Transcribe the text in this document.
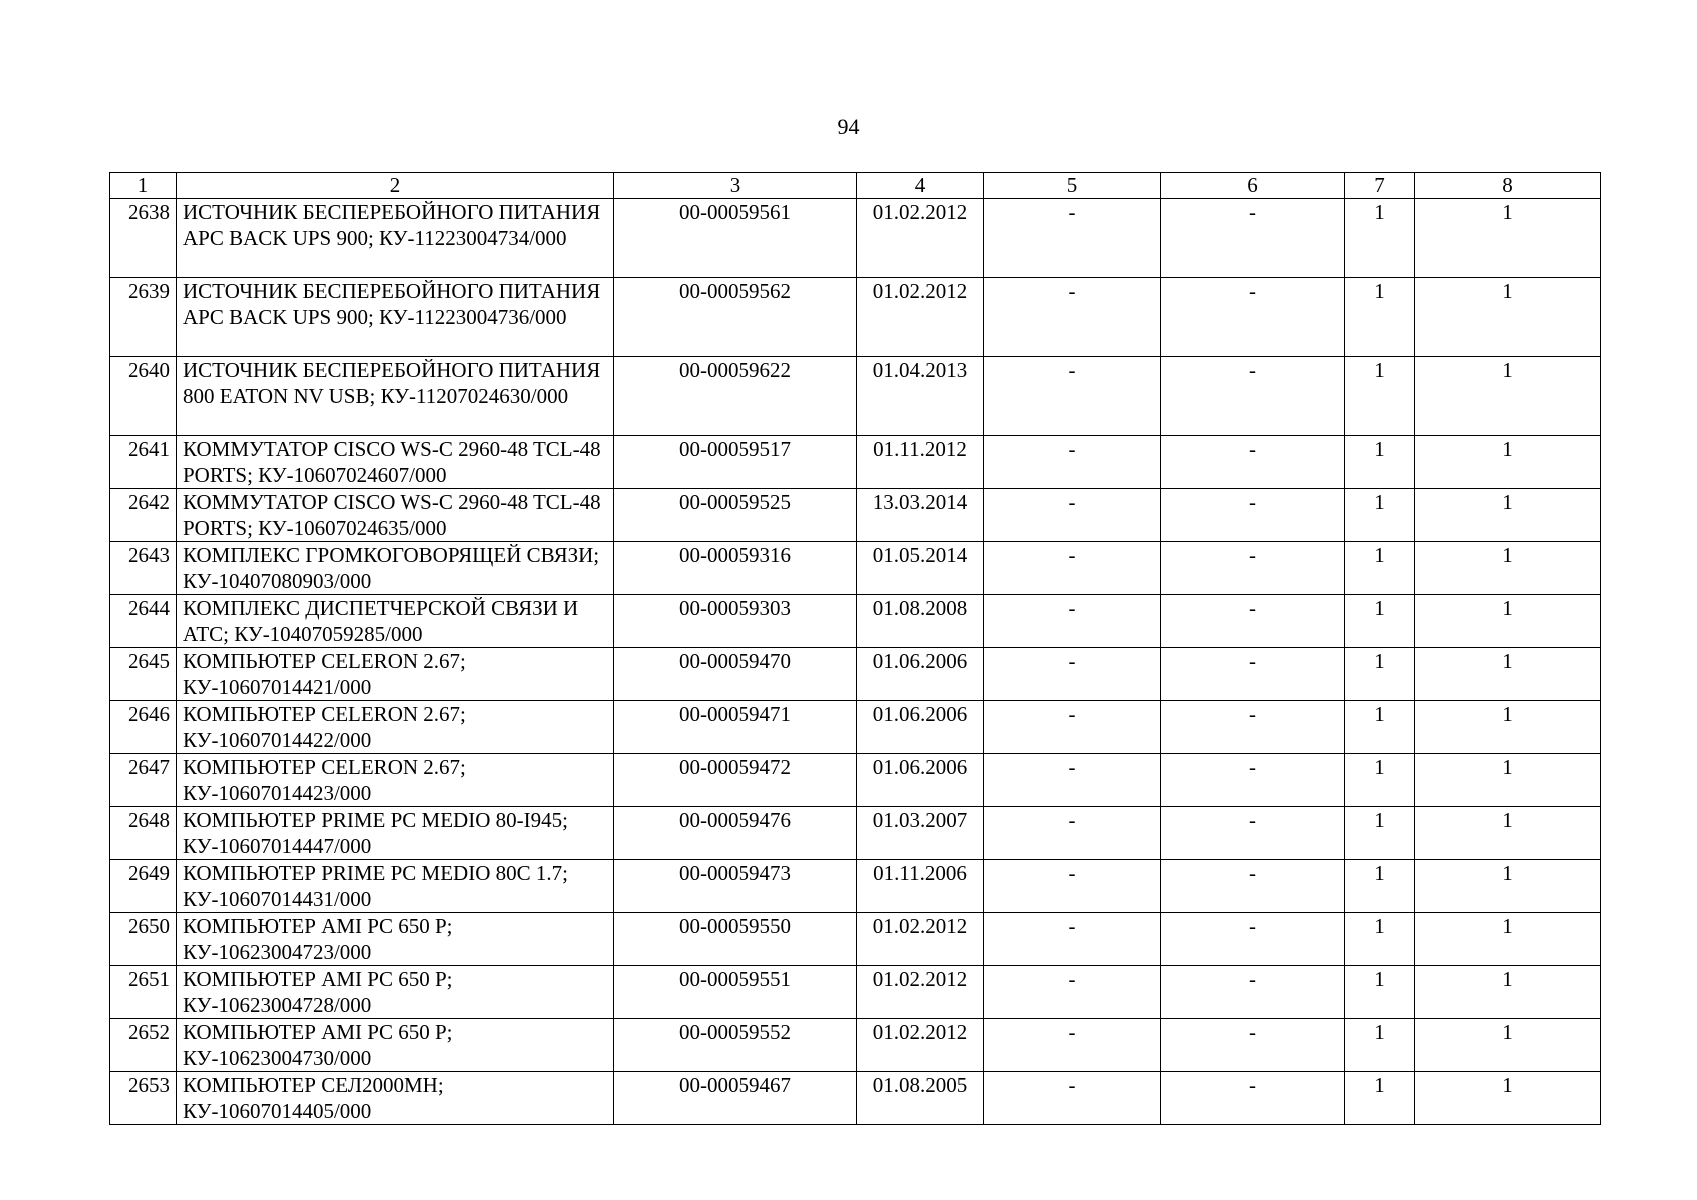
94
1	2	3	4	5	6	7	8
2638	ИСТОЧНИК БЕСПЕРЕБОЙНОГО ПИТАНИЯ APC BACK UPS 900; КУ-11223004734/000	00-00059561	01.02.2012	-	-	1	1
2639	ИСТОЧНИК БЕСПЕРЕБОЙНОГО ПИТАНИЯ APC BACK UPS 900; КУ-11223004736/000	00-00059562	01.02.2012	-	-	1	1
2640	ИСТОЧНИК БЕСПЕРЕБОЙНОГО ПИТАНИЯ 800 EATON NV USB; КУ-11207024630/000	00-00059622	01.04.2013	-	-	1	1
2641	КОММУТАТОР CISCO WS-C 2960-48 TCL-48 PORTS; КУ-10607024607/000	00-00059517	01.11.2012	-	-	1	1
2642	КОММУТАТОР CISCO WS-C 2960-48 TCL-48 PORTS; КУ-10607024635/000	00-00059525	13.03.2014	-	-	1	1
2643	КОМПЛЕКС ГРОМКОГОВОРЯЩЕЙ СВЯЗИ; КУ-10407080903/000	00-00059316	01.05.2014	-	-	1	1
2644	КОМПЛЕКС ДИСПЕТЧЕРСКОЙ СВЯЗИ И АТС; КУ-10407059285/000	00-00059303	01.08.2008	-	-	1	1
2645	КОМПЬЮТЕР CELERON 2.67; КУ-10607014421/000	00-00059470	01.06.2006	-	-	1	1
2646	КОМПЬЮТЕР CELERON 2.67; КУ-10607014422/000	00-00059471	01.06.2006	-	-	1	1
2647	КОМПЬЮТЕР CELERON 2.67; КУ-10607014423/000	00-00059472	01.06.2006	-	-	1	1
2648	КОМПЬЮТЕР PRIME PC MEDIO 80-I945; КУ-10607014447/000	00-00059476	01.03.2007	-	-	1	1
2649	КОМПЬЮТЕР PRIME PC MEDIO 80C 1.7; КУ-10607014431/000	00-00059473	01.11.2006	-	-	1	1
2650	КОМПЬЮТЕР AMI PC 650 P; КУ-10623004723/000	00-00059550	01.02.2012	-	-	1	1
2651	КОМПЬЮТЕР AMI PC 650 P; КУ-10623004728/000	00-00059551	01.02.2012	-	-	1	1
2652	КОМПЬЮТЕР AMI PC 650 P; КУ-10623004730/000	00-00059552	01.02.2012	-	-	1	1
2653	КОМПЬЮТЕР СЕЛ2000МН; КУ-10607014405/000	00-00059467	01.08.2005	-	-	1	1
